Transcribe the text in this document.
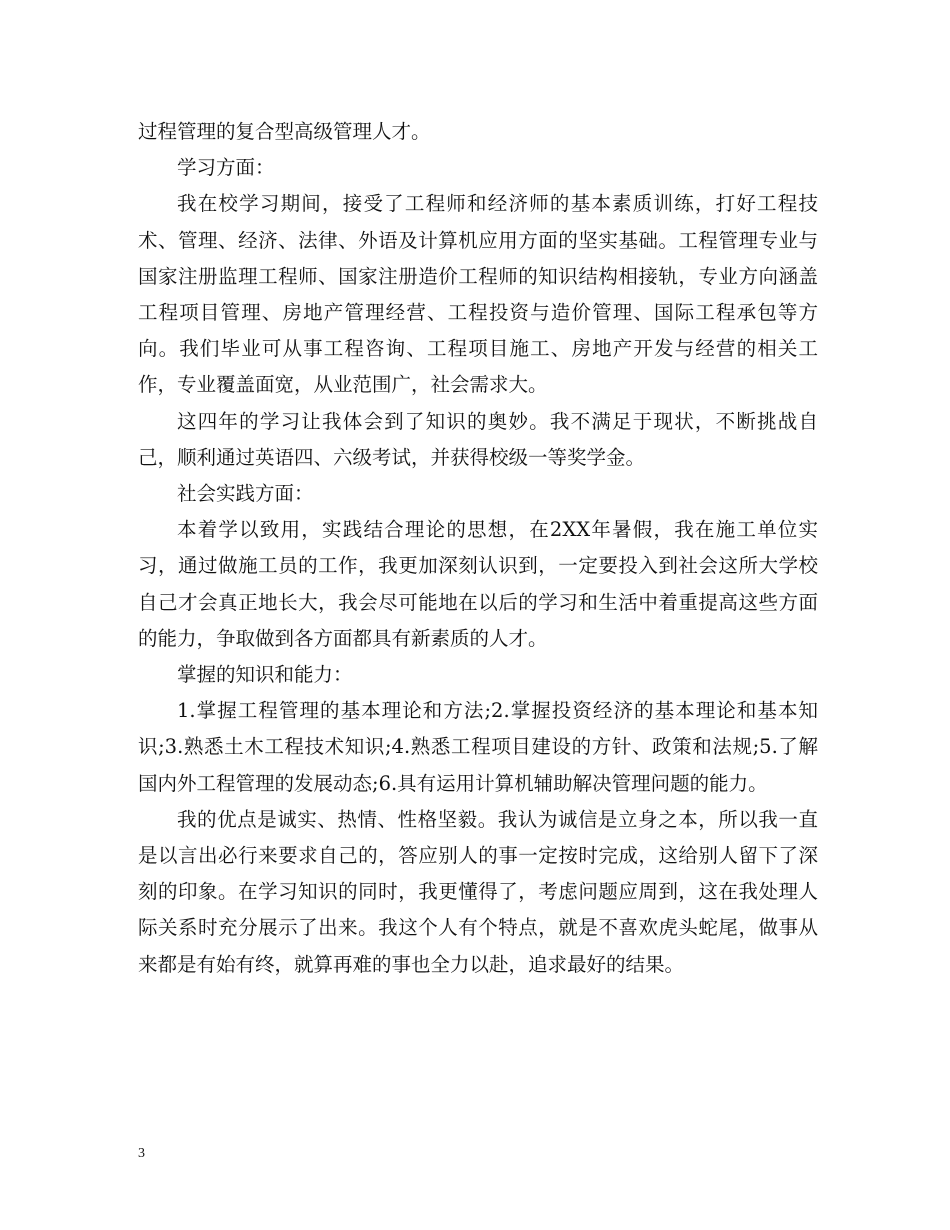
过程管理的复合型高级管理人才。

学习方面：

我在校学习期间，接受了工程师和经济师的基本素质训练，打好工程技术、管理、经济、法律、外语及计算机应用方面的坚实基础。工程管理专业与国家注册监理工程师、国家注册造价工程师的知识结构相接轨，专业方向涵盖工程项目管理、房地产管理经营、工程投资与造价管理、国际工程承包等方向。我们毕业可从事工程咨询、工程项目施工、房地产开发与经营的相关工作，专业覆盖面宽，从业范围广，社会需求大。

这四年的学习让我体会到了知识的奥妙。我不满足于现状，不断挑战自己，顺利通过英语四、六级考试，并获得校级一等奖学金。

社会实践方面：

本着学以致用，实践结合理论的思想，在2XX年暑假，我在施工单位实习，通过做施工员的工作，我更加深刻认识到，一定要投入到社会这所大学校自己才会真正地长大，我会尽可能地在以后的学习和生活中着重提高这些方面的能力，争取做到各方面都具有新素质的人才。

掌握的知识和能力：

1.掌握工程管理的基本理论和方法;2.掌握投资经济的基本理论和基本知识;3.熟悉土木工程技术知识;4.熟悉工程项目建设的方针、政策和法规;5.了解国内外工程管理的发展动态;6.具有运用计算机辅助解决管理问题的能力。

我的优点是诚实、热情、性格坚毅。我认为诚信是立身之本，所以我一直是以言出必行来要求自己的，答应别人的事一定按时完成，这给别人留下了深刻的印象。在学习知识的同时，我更懂得了，考虑问题应周到，这在我处理人际关系时充分展示了出来。我这个人有个特点，就是不喜欢虎头蛇尾，做事从来都是有始有终，就算再难的事也全力以赴，追求最好的结果。

3
